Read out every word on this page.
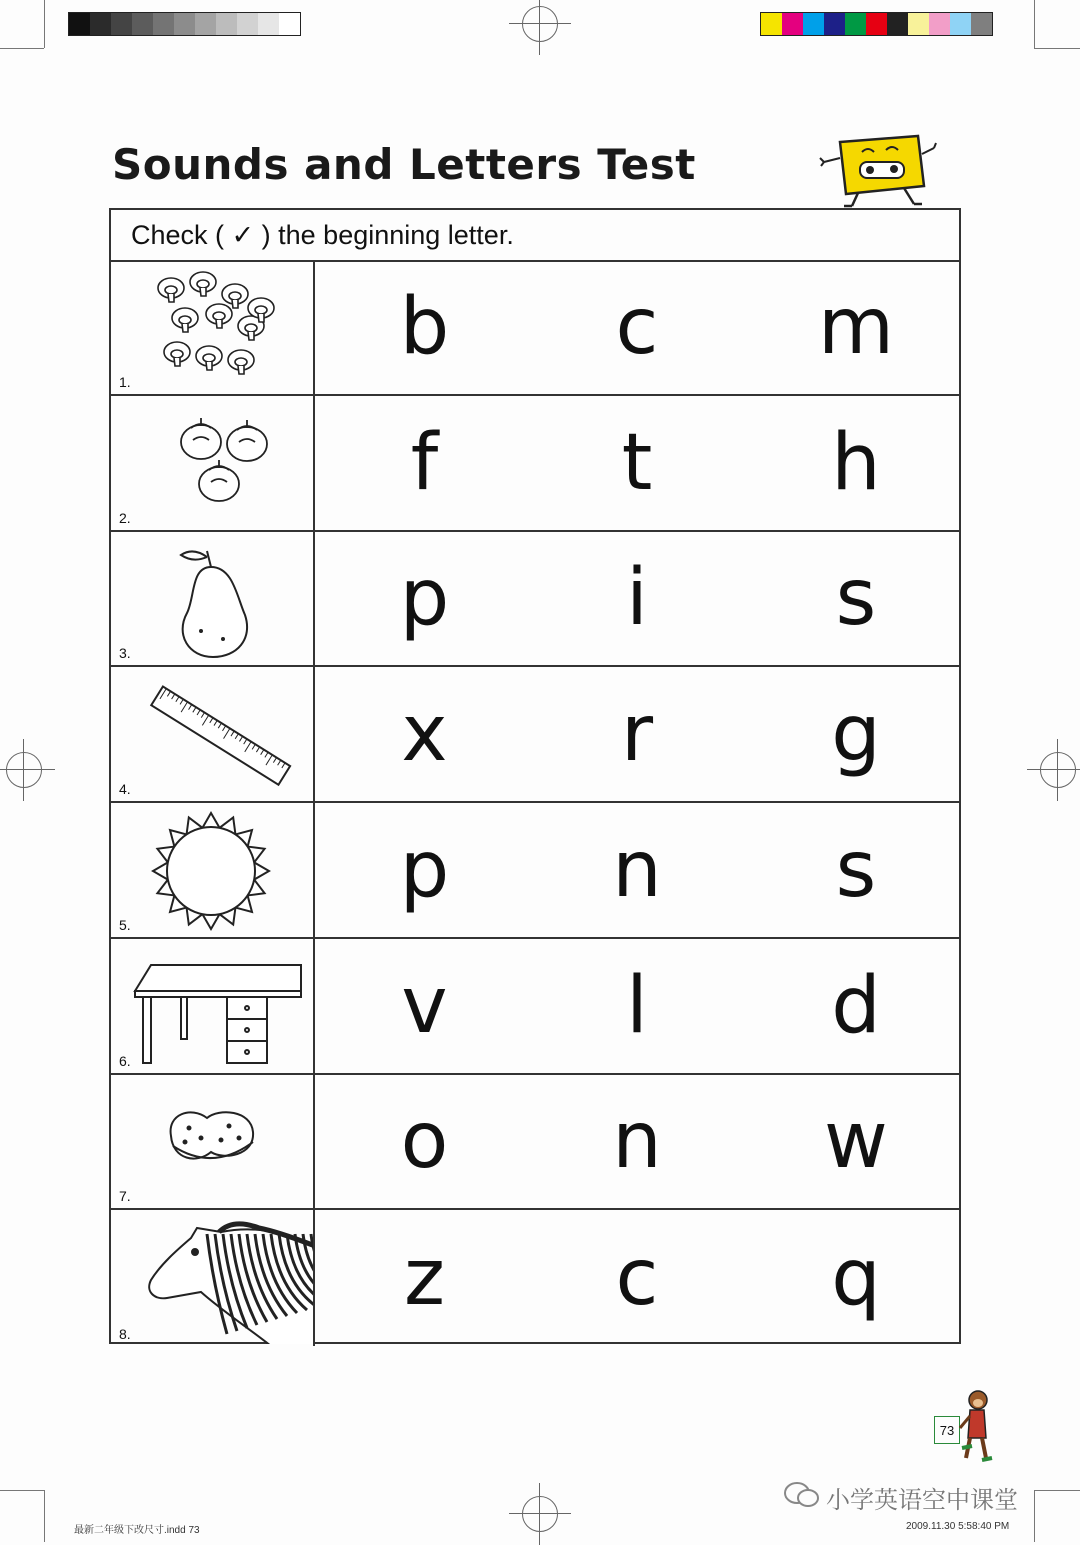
Sounds and Letters Test
Check ( ✓ ) the beginning letter.
1.
b c m
2.
f t h
3.
p i s
4.
x r g
5.
p n s
6.
v l d
7.
o n w
8.
z c q
73
小学英语空中课堂
最新二年级下改尺寸.indd 73	2009.11.30 5:58:40 PM
